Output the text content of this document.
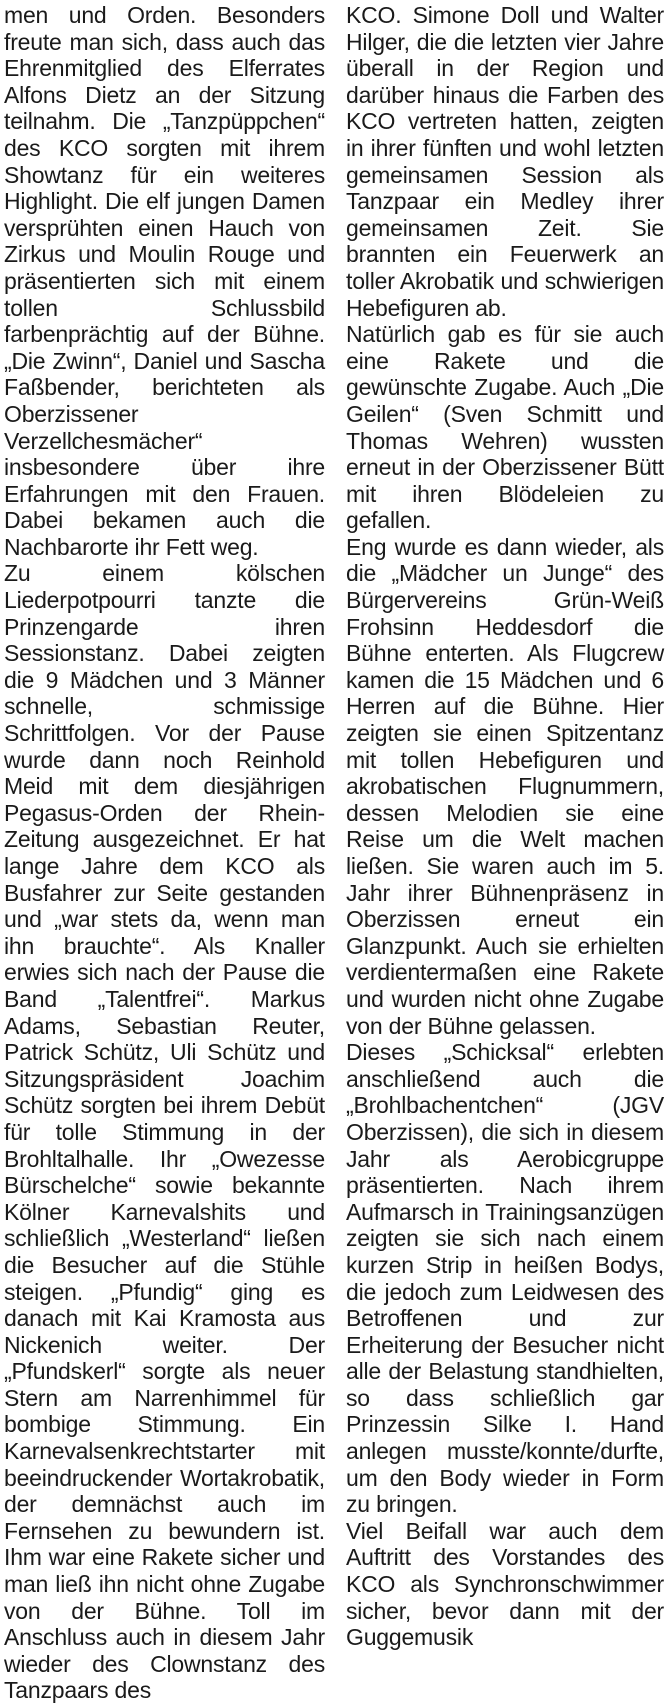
men und Orden. Besonders freute man sich, dass auch das Ehrenmitglied des Elferrates Alfons Dietz an der Sitzung teilnahm. Die „Tanzpüppchen“ des KCO sorgten mit ihrem Showtanz für ein weiteres Highlight. Die elf jungen Damen versprühten einen Hauch von Zirkus und Moulin Rouge und präsentierten sich mit einem tollen Schlussbild farbenprächtig auf der Bühne. „Die Zwinn“, Daniel und Sascha Faßbender, berichteten als Oberzissener Verzellchesmächer“ insbesondere über ihre Erfahrungen mit den Frauen. Dabei bekamen auch die Nachbarorte ihr Fett weg.

Zu einem kölschen Liederpotpourri tanzte die Prinzengarde ihren Sessionstanz. Dabei zeigten die 9 Mädchen und 3 Männer schnelle, schmissige Schrittfolgen. Vor der Pause wurde dann noch Reinhold Meid mit dem diesjährigen Pegasus-Orden der Rhein-Zeitung ausgezeichnet. Er hat lange Jahre dem KCO als Busfahrer zur Seite gestanden und „war stets da, wenn man ihn brauchte“. Als Knaller erwies sich nach der Pause die Band „Talentfrei“. Markus Adams, Sebastian Reuter, Patrick Schütz, Uli Schütz und Sitzungspräsident Joachim Schütz sorgten bei ihrem Debüt für tolle Stimmung in der Brohltalhalle. Ihr „Owezesse Bürschelche“ sowie bekannte Kölner Karnevalshits und schließlich „Westerland“ ließen die Besucher auf die Stühle steigen. „Pfundig“ ging es danach mit Kai Kramosta aus Nickenich weiter. Der „Pfundskerl“ sorgte als neuer Stern am Narrenhimmel für bombige Stimmung. Ein Karnevalsenkrechtstarter mit beeindruckender Wortakrobatik, der demnächst auch im Fernsehen zu bewundern ist. Ihm war eine Rakete sicher und man ließ ihn nicht ohne Zugabe von der Bühne. Toll im Anschluss auch in diesem Jahr wieder des Clownstanz des Tanzpaars des

KCO. Simone Doll und Walter Hilger, die die letzten vier Jahre überall in der Region und darüber hinaus die Farben des KCO vertreten hatten, zeigten in ihrer fünften und wohl letzten gemeinsamen Session als Tanzpaar ein Medley ihrer gemeinsamen Zeit. Sie brannten ein Feuerwerk an toller Akrobatik und schwierigen Hebefiguren ab.

Natürlich gab es für sie auch eine Rakete und die gewünschte Zugabe. Auch „Die Geilen“ (Sven Schmitt und Thomas Wehren) wussten erneut in der Oberzissener Bütt mit ihren Blödeleien zu gefallen.

Eng wurde es dann wieder, als die „Mädcher un Junge“ des Bürgervereins Grün-Weiß Frohsinn Heddesdorf die Bühne enterten. Als Flugcrew kamen die 15 Mädchen und 6 Herren auf die Bühne. Hier zeigten sie einen Spitzentanz mit tollen Hebefiguren und akrobatischen Flugnummern, dessen Melodien sie eine Reise um die Welt machen ließen. Sie waren auch im 5. Jahr ihrer Bühnenpräsenz in Oberzissen erneut ein Glanzpunkt. Auch sie erhielten verdientermaßen eine Rakete und wurden nicht ohne Zugabe von der Bühne gelassen.

Dieses „Schicksal“ erlebten anschließend auch die „Brohlbachentchen“ (JGV Oberzissen), die sich in diesem Jahr als Aerobicgruppe präsentierten. Nach ihrem Aufmarsch in Trainingsanzügen zeigten sie sich nach einem kurzen Strip in heißen Bodys, die jedoch zum Leidwesen des Betroffenen und zur Erheiterung der Besucher nicht alle der Belastung standhielten, so dass schließlich gar Prinzessin Silke I. Hand anlegen musste/konnte/durfte, um den Body wieder in Form zu bringen.

Viel Beifall war auch dem Auftritt des Vorstandes des KCO als Synchronschwimmer sicher, bevor dann mit der Guggemusik
